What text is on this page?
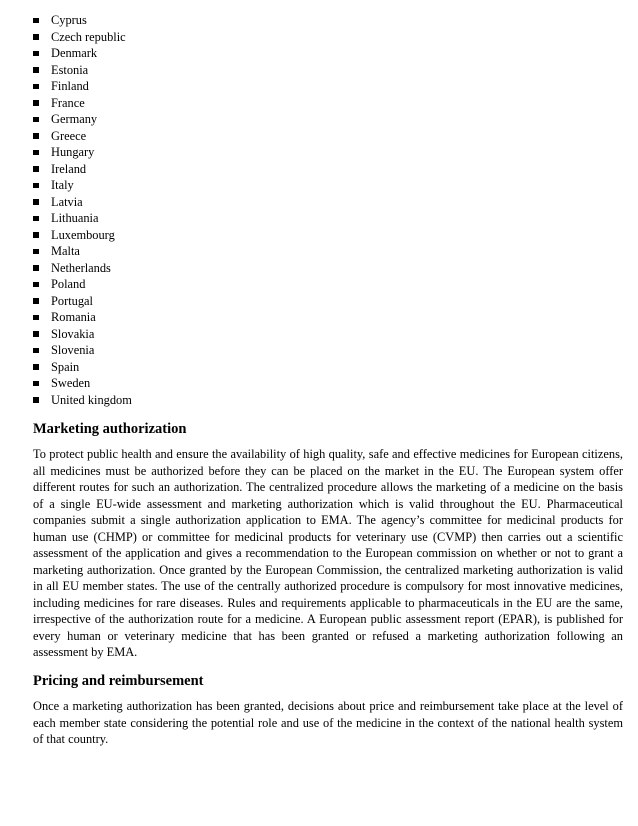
Cyprus
Czech republic
Denmark
Estonia
Finland
France
Germany
Greece
Hungary
Ireland
Italy
Latvia
Lithuania
Luxembourg
Malta
Netherlands
Poland
Portugal
Romania
Slovakia
Slovenia
Spain
Sweden
United kingdom
Marketing authorization

To protect public health and ensure the availability of high quality, safe and effective medicines for European citizens, all medicines must be authorized before they can be placed on the market in the EU. The European system offer different routes for such an authorization. The centralized procedure allows the marketing of a medicine on the basis of a single EU-wide assessment and marketing authorization which is valid throughout the EU. Pharmaceutical companies submit a single authorization application to EMA. The agency’s committee for medicinal products for human use (CHMP) or committee for medicinal products for veterinary use (CVMP) then carries out a scientific assessment of the application and gives a recommendation to the European commission on whether or not to grant a marketing authorization. Once granted by the European Commission, the centralized marketing authorization is valid in all EU member states. The use of the centrally authorized procedure is compulsory for most innovative medicines, including medicines for rare diseases. Rules and requirements applicable to pharmaceuticals in the EU are the same, irrespective of the authorization route for a medicine. A European public assessment report (EPAR), is published for every human or veterinary medicine that has been granted or refused a marketing authorization following an assessment by EMA.

Pricing and reimbursement

Once a marketing authorization has been granted, decisions about price and reimbursement take place at the level of each member state considering the potential role and use of the medicine in the context of the national health system of that country.
